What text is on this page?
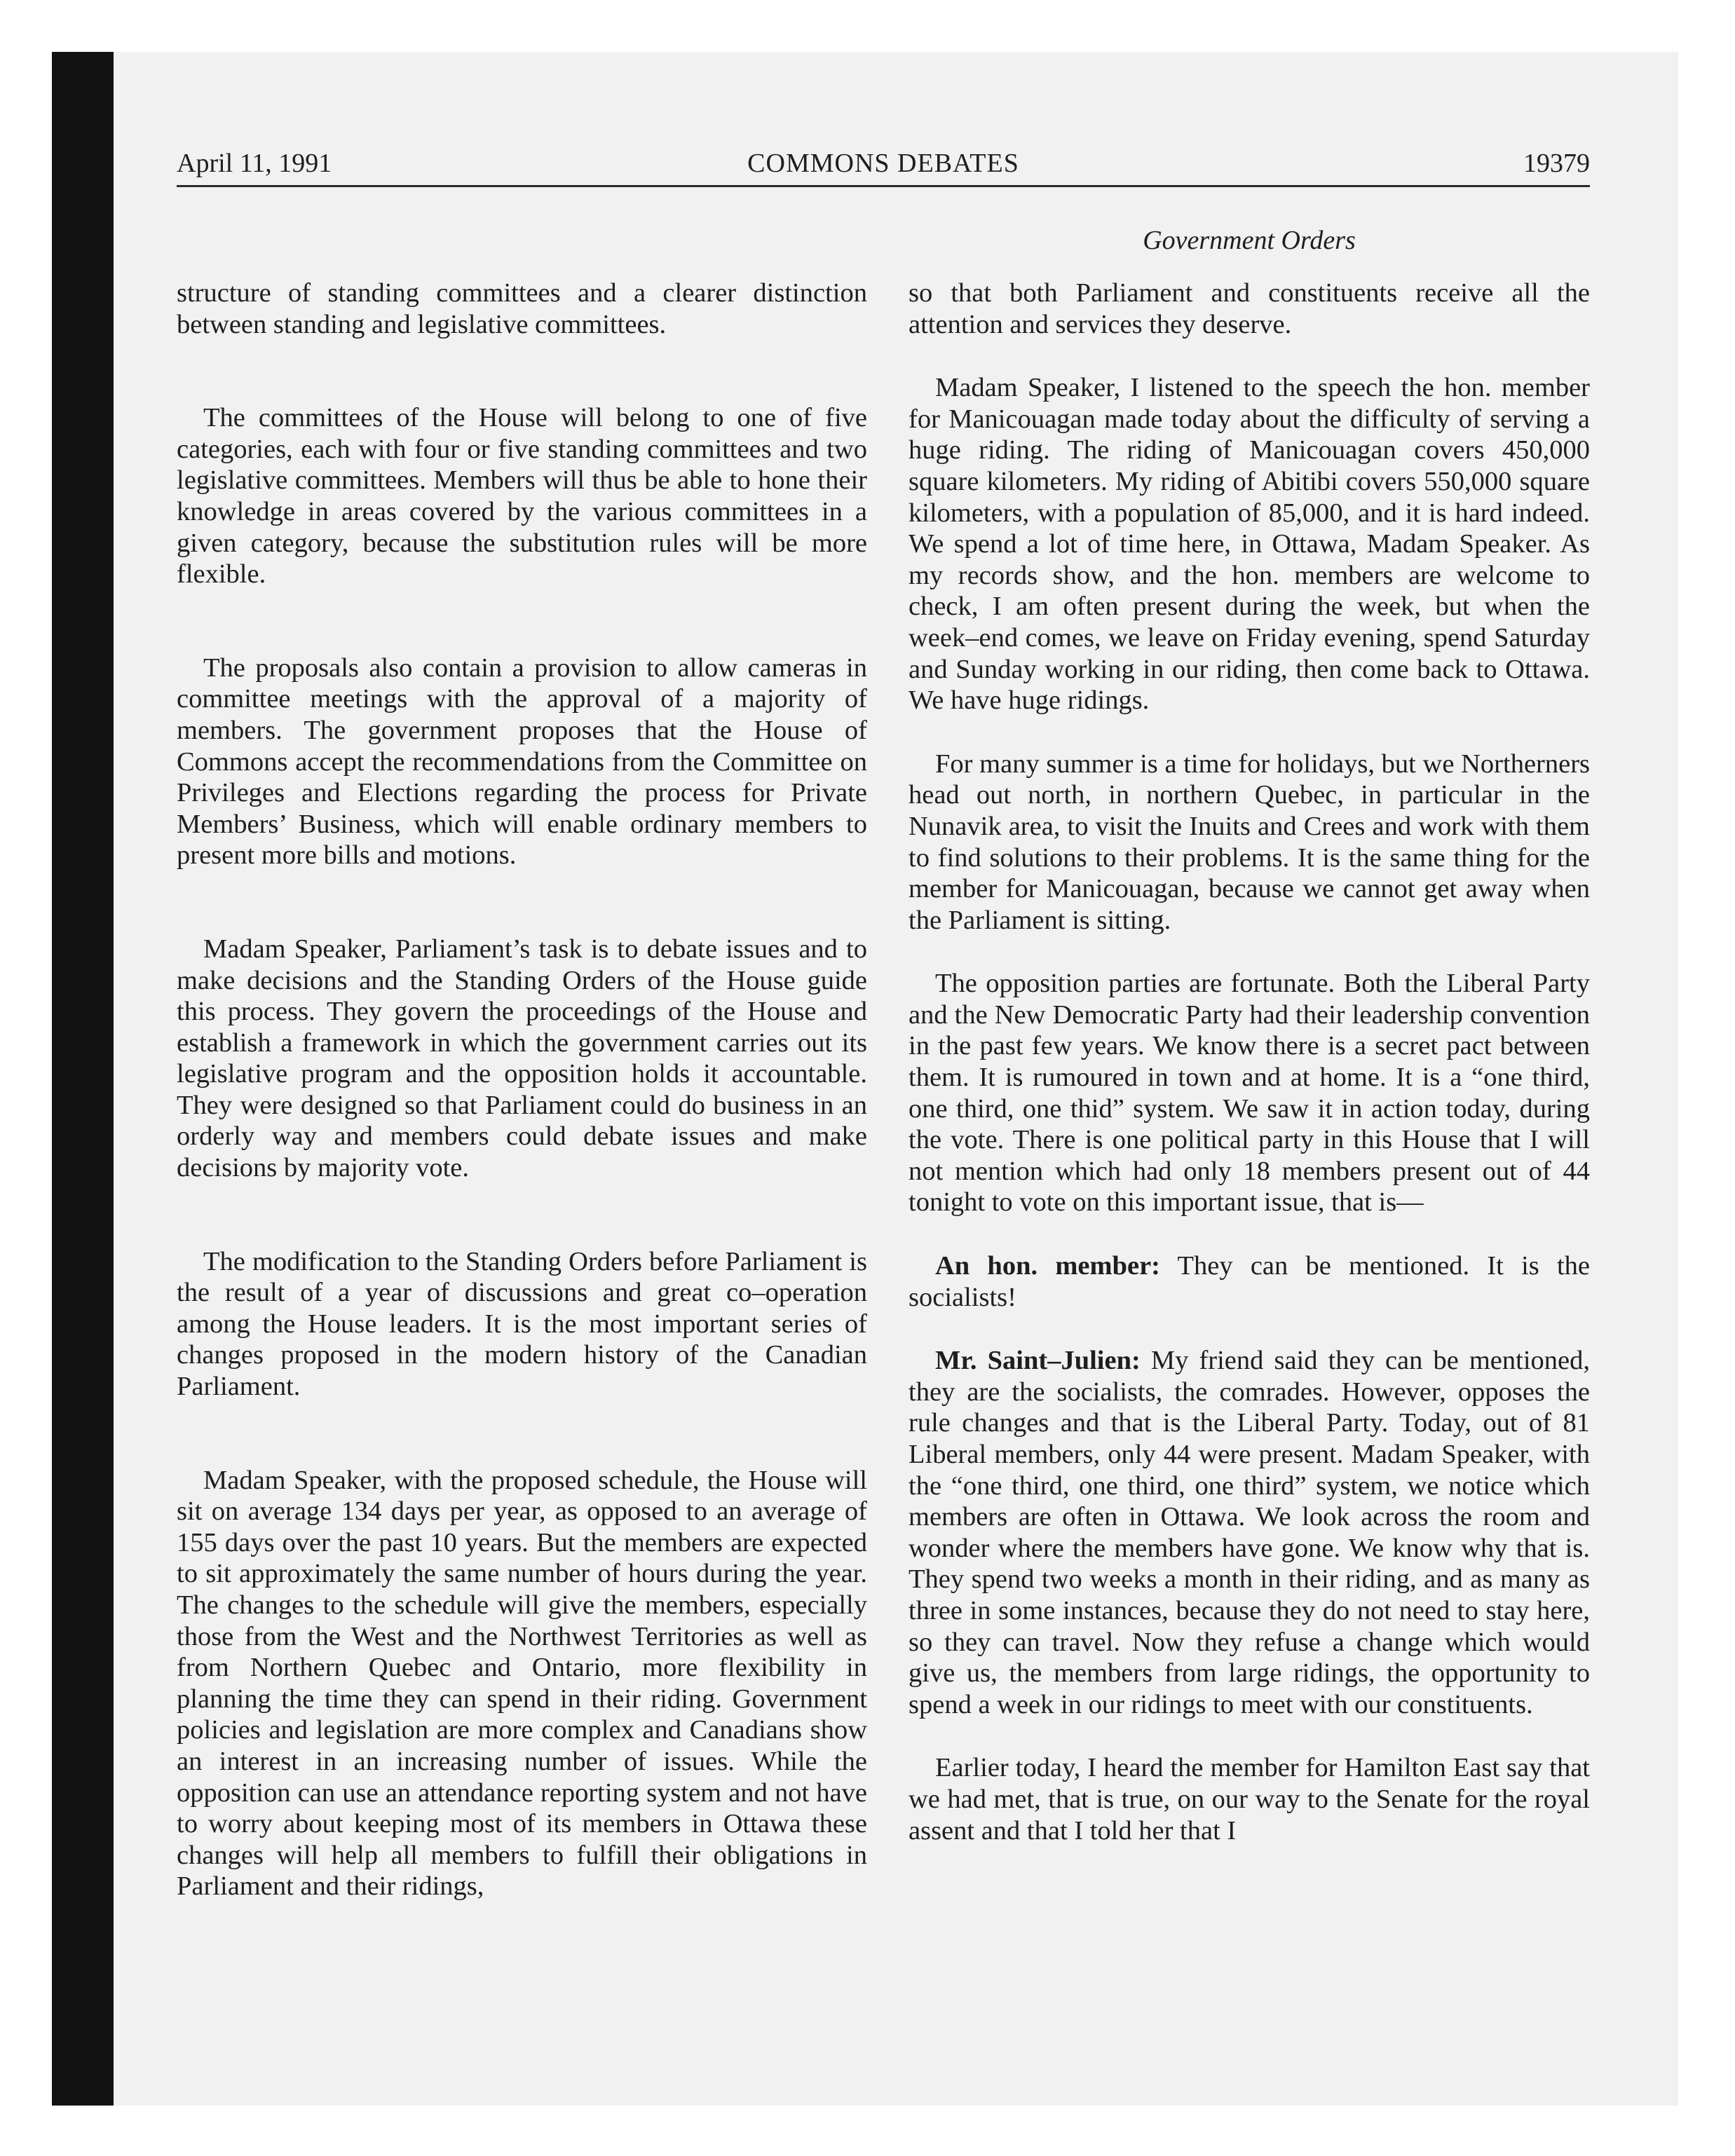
April 11, 1991	COMMONS DEBATES	19379
Government Orders

structure of standing committees and a clearer distinction between standing and legislative committees.

The committees of the House will belong to one of five categories, each with four or five standing committees and two legislative committees. Members will thus be able to hone their knowledge in areas covered by the various committees in a given category, because the substitution rules will be more flexible.

The proposals also contain a provision to allow cameras in committee meetings with the approval of a majority of members. The government proposes that the House of Commons accept the recommendations from the Committee on Privileges and Elections regarding the process for Private Members’ Business, which will enable ordinary members to present more bills and motions.

Madam Speaker, Parliament’s task is to debate issues and to make decisions and the Standing Orders of the House guide this process. They govern the proceedings of the House and establish a framework in which the government carries out its legislative program and the opposition holds it accountable. They were designed so that Parliament could do business in an orderly way and members could debate issues and make decisions by majority vote.

The modification to the Standing Orders before Parliament is the result of a year of discussions and great co–operation among the House leaders. It is the most important series of changes proposed in the modern history of the Canadian Parliament.

Madam Speaker, with the proposed schedule, the House will sit on average 134 days per year, as opposed to an average of 155 days over the past 10 years. But the members are expected to sit approximately the same number of hours during the year. The changes to the schedule will give the members, especially those from the West and the Northwest Territories as well as from Northern Quebec and Ontario, more flexibility in planning the time they can spend in their riding. Government policies and legislation are more complex and Canadians show an interest in an increasing number of issues. While the opposition can use an attendance reporting system and not have to worry about keeping most of its members in Ottawa these changes will help all members to fulfill their obligations in Parliament and their ridings,

so that both Parliament and constituents receive all the attention and services they deserve.

Madam Speaker, I listened to the speech the hon. member for Manicouagan made today about the difficulty of serving a huge riding. The riding of Manicouagan covers 450,000 square kilometers. My riding of Abitibi covers 550,000 square kilometers, with a population of 85,000, and it is hard indeed. We spend a lot of time here, in Ottawa, Madam Speaker. As my records show, and the hon. members are welcome to check, I am often present during the week, but when the week–end comes, we leave on Friday evening, spend Saturday and Sunday working in our riding, then come back to Ottawa. We have huge ridings.

For many summer is a time for holidays, but we Northerners head out north, in northern Quebec, in particular in the Nunavik area, to visit the Inuits and Crees and work with them to find solutions to their problems. It is the same thing for the member for Manicouagan, because we cannot get away when the Parliament is sitting.

The opposition parties are fortunate. Both the Liberal Party and the New Democratic Party had their leadership convention in the past few years. We know there is a secret pact between them. It is rumoured in town and at home. It is a “one third, one third, one thid” system. We saw it in action today, during the vote. There is one political party in this House that I will not mention which had only 18 members present out of 44 tonight to vote on this important issue, that is—

An hon. member: They can be mentioned. It is the socialists!

Mr. Saint–Julien: My friend said they can be mentioned, they are the socialists, the comrades. However, opposes the rule changes and that is the Liberal Party. Today, out of 81 Liberal members, only 44 were present. Madam Speaker, with the “one third, one third, one third” system, we notice which members are often in Ottawa. We look across the room and wonder where the members have gone. We know why that is. They spend two weeks a month in their riding, and as many as three in some instances, because they do not need to stay here, so they can travel. Now they refuse a change which would give us, the members from large ridings, the opportunity to spend a week in our ridings to meet with our constituents.

Earlier today, I heard the member for Hamilton East say that we had met, that is true, on our way to the Senate for the royal assent and that I told her that I
